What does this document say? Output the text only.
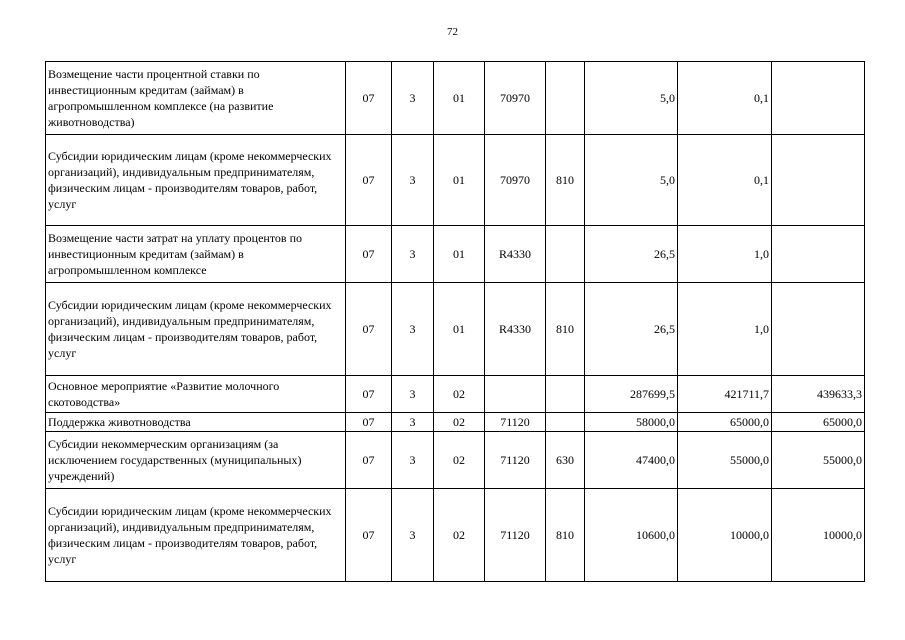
72
Возмещение части процентной ставки по инвестиционным кредитам (займам) в агропромышленном комплексе (на развитие животноводства)	07	3	01	70970		5,0	0,1	
Субсидии юридическим лицам (кроме некоммерческих организаций), индивидуальным предпринимателям, физическим лицам - производителям товаров, работ, услуг	07	3	01	70970	810	5,0	0,1	
Возмещение части затрат на уплату процентов по инвестиционным кредитам (займам) в агропромышленном комплексе	07	3	01	R4330		26,5	1,0	
Субсидии юридическим лицам (кроме некоммерческих организаций), индивидуальным предпринимателям, физическим лицам - производителям товаров, работ, услуг	07	3	01	R4330	810	26,5	1,0	
Основное мероприятие «Развитие молочного скотоводства»	07	3	02			287699,5	421711,7	439633,3
Поддержка животноводства	07	3	02	71120		58000,0	65000,0	65000,0
Субсидии некоммерческим организациям (за исключением государственных (муниципальных) учреждений)	07	3	02	71120	630	47400,0	55000,0	55000,0
Субсидии юридическим лицам (кроме некоммерческих организаций), индивидуальным предпринимателям, физическим лицам - производителям товаров, работ, услуг	07	3	02	71120	810	10600,0	10000,0	10000,0
